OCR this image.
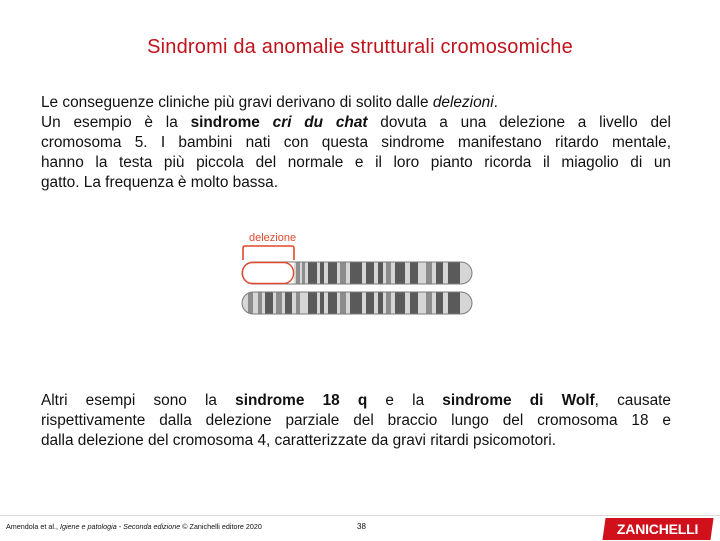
Sindromi da anomalie strutturali cromosomiche
Le conseguenze cliniche più gravi derivano di solito dalle delezioni.
Un esempio è la sindrome cri du chat dovuta a una delezione a livello del
cromosoma 5. I bambini nati con questa sindrome manifestano ritardo mentale,
hanno la testa più piccola del normale e il loro pianto ricorda il miagolio di un
gatto. La frequenza è molto bassa.
delezione
Altri esempi sono la sindrome 18 q e la sindrome di Wolf, causate
rispettivamente dalla delezione parziale del braccio lungo del cromosoma 18 e
dalla delezione del cromosoma 4, caratterizzate da gravi ritardi psicomotori.
Amendola et al., Igiene e patologia - Seconda edizione © Zanichelli editore 2020	38	ZANICHELLI
